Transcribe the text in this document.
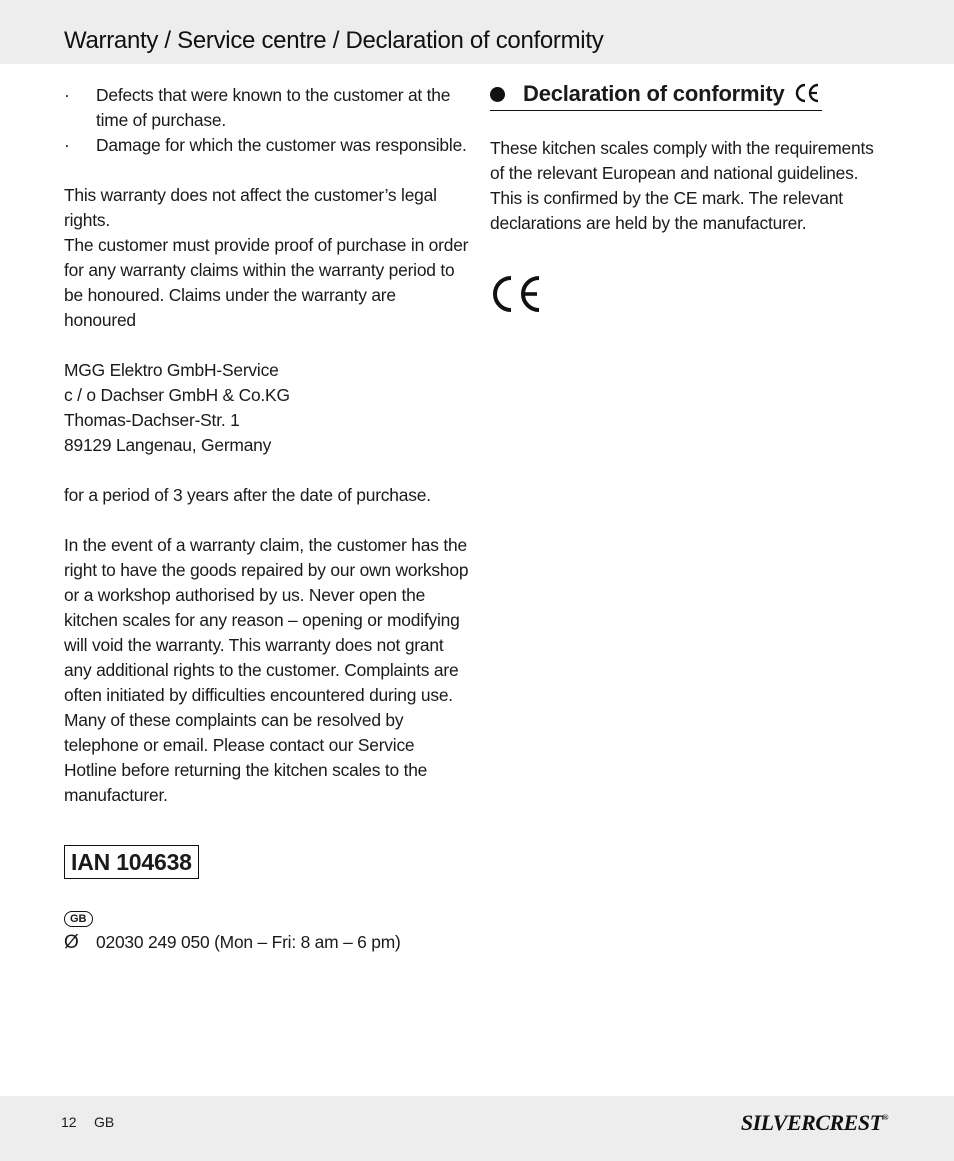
Warranty / Service centre / Declaration of conformity
· Defects that were known to the customer at the time of purchase.
· Damage for which the customer was responsible.

This warranty does not affect the customer’s legal rights.

The customer must provide proof of purchase in order for any warranty claims within the warranty period to be honoured. Claims under the warranty are honoured

MGG Elektro GmbH-Service

c / o Dachser GmbH & Co.KG

Thomas-Dachser-Str. 1

89129 Langenau, Germany

for a period of 3 years after the date of purchase.

In the event of a warranty claim, the customer has the right to have the goods repaired by our own workshop or a workshop authorised by us. Never open the kitchen scales for any reason – opening or modifying will void the warranty. This warranty does not grant any additional rights to the customer. Complaints are often initiated by difficulties encountered during use. Many of these complaints can be resolved by telephone or email. Please contact our Service Hotline before returning the kitchen scales to the manufacturer.

IAN 104638
GB
Ø 02030 249 050 (Mon – Fri: 8 am – 6 pm)
Declaration of conformity

These kitchen scales comply with the requirements of the relevant European and national guidelines. This is confirmed by the CE mark. The relevant declarations are held by the manufacturer.

12 GB	SILVERCREST®
